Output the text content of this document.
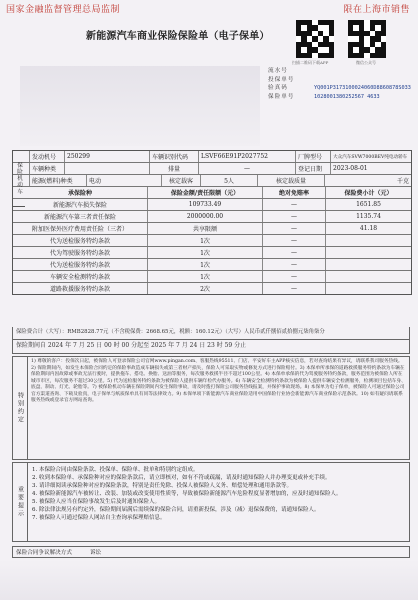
国家金融监督管理总局监制	限在上海市销售
新能源汽车商业保险保险单（电子保单）
扫描二维码下载APP	微信公众号
流水号
投保单号
验真码	YQ001P3173100024060D8860878S033
保险单号	1028001380252567 4633
发动机号	250299	车辆识别代码	LSVF66E91P2027752	厂牌型号	大众汽车SVW7000BEV纯电动轿车
车辆种类	排量	—	登记日期	2023-08-01
能源(燃料)种类	电动	核定载客	5人	核定载质量	千克
承保险种	保险金额/责任限额（元）	绝对免赔率	保险费小计（元）
新能源汽车损失保险	109733.49	—	1651.85
新能源汽车第三者责任保险	2000000.00	—	1135.74
附加医保外医疗费用责任险（三者）	共享限额	—	41.18
代为送检服务特约条款	1次	—
代为驾驶服务特约条款	1次	—
代为送检服务特约条款	1次	—
车辆安全检测特约条款	1次	—
道路救援服务特约条款	2次	—
保险机动车
保险费合计（大写）：RMB2828.77元（不含税保费：2668.65元，税额：160.12元）（大写）人民币贰仟捌佰贰拾捌元柒角柒分
保险期间自 2024 年 7 月 25 日 00 时 00 分起至 2025 年 7 月 24 日 23 时 59 分止
特别约定
1) 尊敬的客户：投保次日起，被保险人可登录保险公司官网www.pingan.com、客服热线95511、门店、平安好车主APP核实信息，若对查询结果有异议，请联系我司服务热线。2) 保险期间内，如发生本保险合同约定的保险事故造成车辆损失或第三者财产损失，保险人可采取实物或修复方式进行保险赔付。3) 本保单所承保的道路救援服务特约条款为车辆在保险期间内因故障或事故无法行驶时，提供拖车、搭电、换胎、送油等服务，每次服务救援半径不超过100公里。4) 本保单承保的代为驾驶服务特约条款，服务范围为被保险人所在城市市区，每次服务不超过30公里。5) 代为送检服务特约条款为被保险人提供车辆年检代办服务。6) 车辆安全检测特约条款为被保险人提供车辆安全检测服务，检测项目包括车身、底盘、制动、灯光、轮胎等。7) 被保险机动车辆在保险期间内发生保险事故，请及时拨打保险公司服务热线报案，并保护事故现场。8) 本保单为电子保单，被保险人可通过保险公司官方渠道查询、下载及验真，电子保单与纸质保单具有同等法律效力。9) 本保单项下新能源汽车商业保险适用中国保险行业协会新能源汽车商业保险示范条款。10) 如有疑问请联系服务热线或登录官方网站查询。
重要提示
1. 本保险合同由保险条款、投保单、保险单、批单和特别约定组成。
2. 收到本保险单、承保险种对应的保险条款后，请立即核对，如有不符或疏漏，请及时通知保险人并办理变更或补充手续。
3. 请详细阅读承保险种对应的保险条款，特别是责任免除、投保人被保险人义务、赔偿处理和通用条款等。
4. 被保险新能源汽车被转让、改装、加装或改变使用性质等，导致被保险新能源汽车危险程度显著增加的，应及时通知保险人。
5. 被保险人应当在保险事故发生后及时通知保险人。
6. 除法律法规另有约定外，保险期间届满后需续保的保险合同，请重新投保，涉及（减）退保保费的，请通知保险人。
7. 被保险人可通过保险人网站自主查询承保理赔信息。
保险合同争议解决方式	诉讼
